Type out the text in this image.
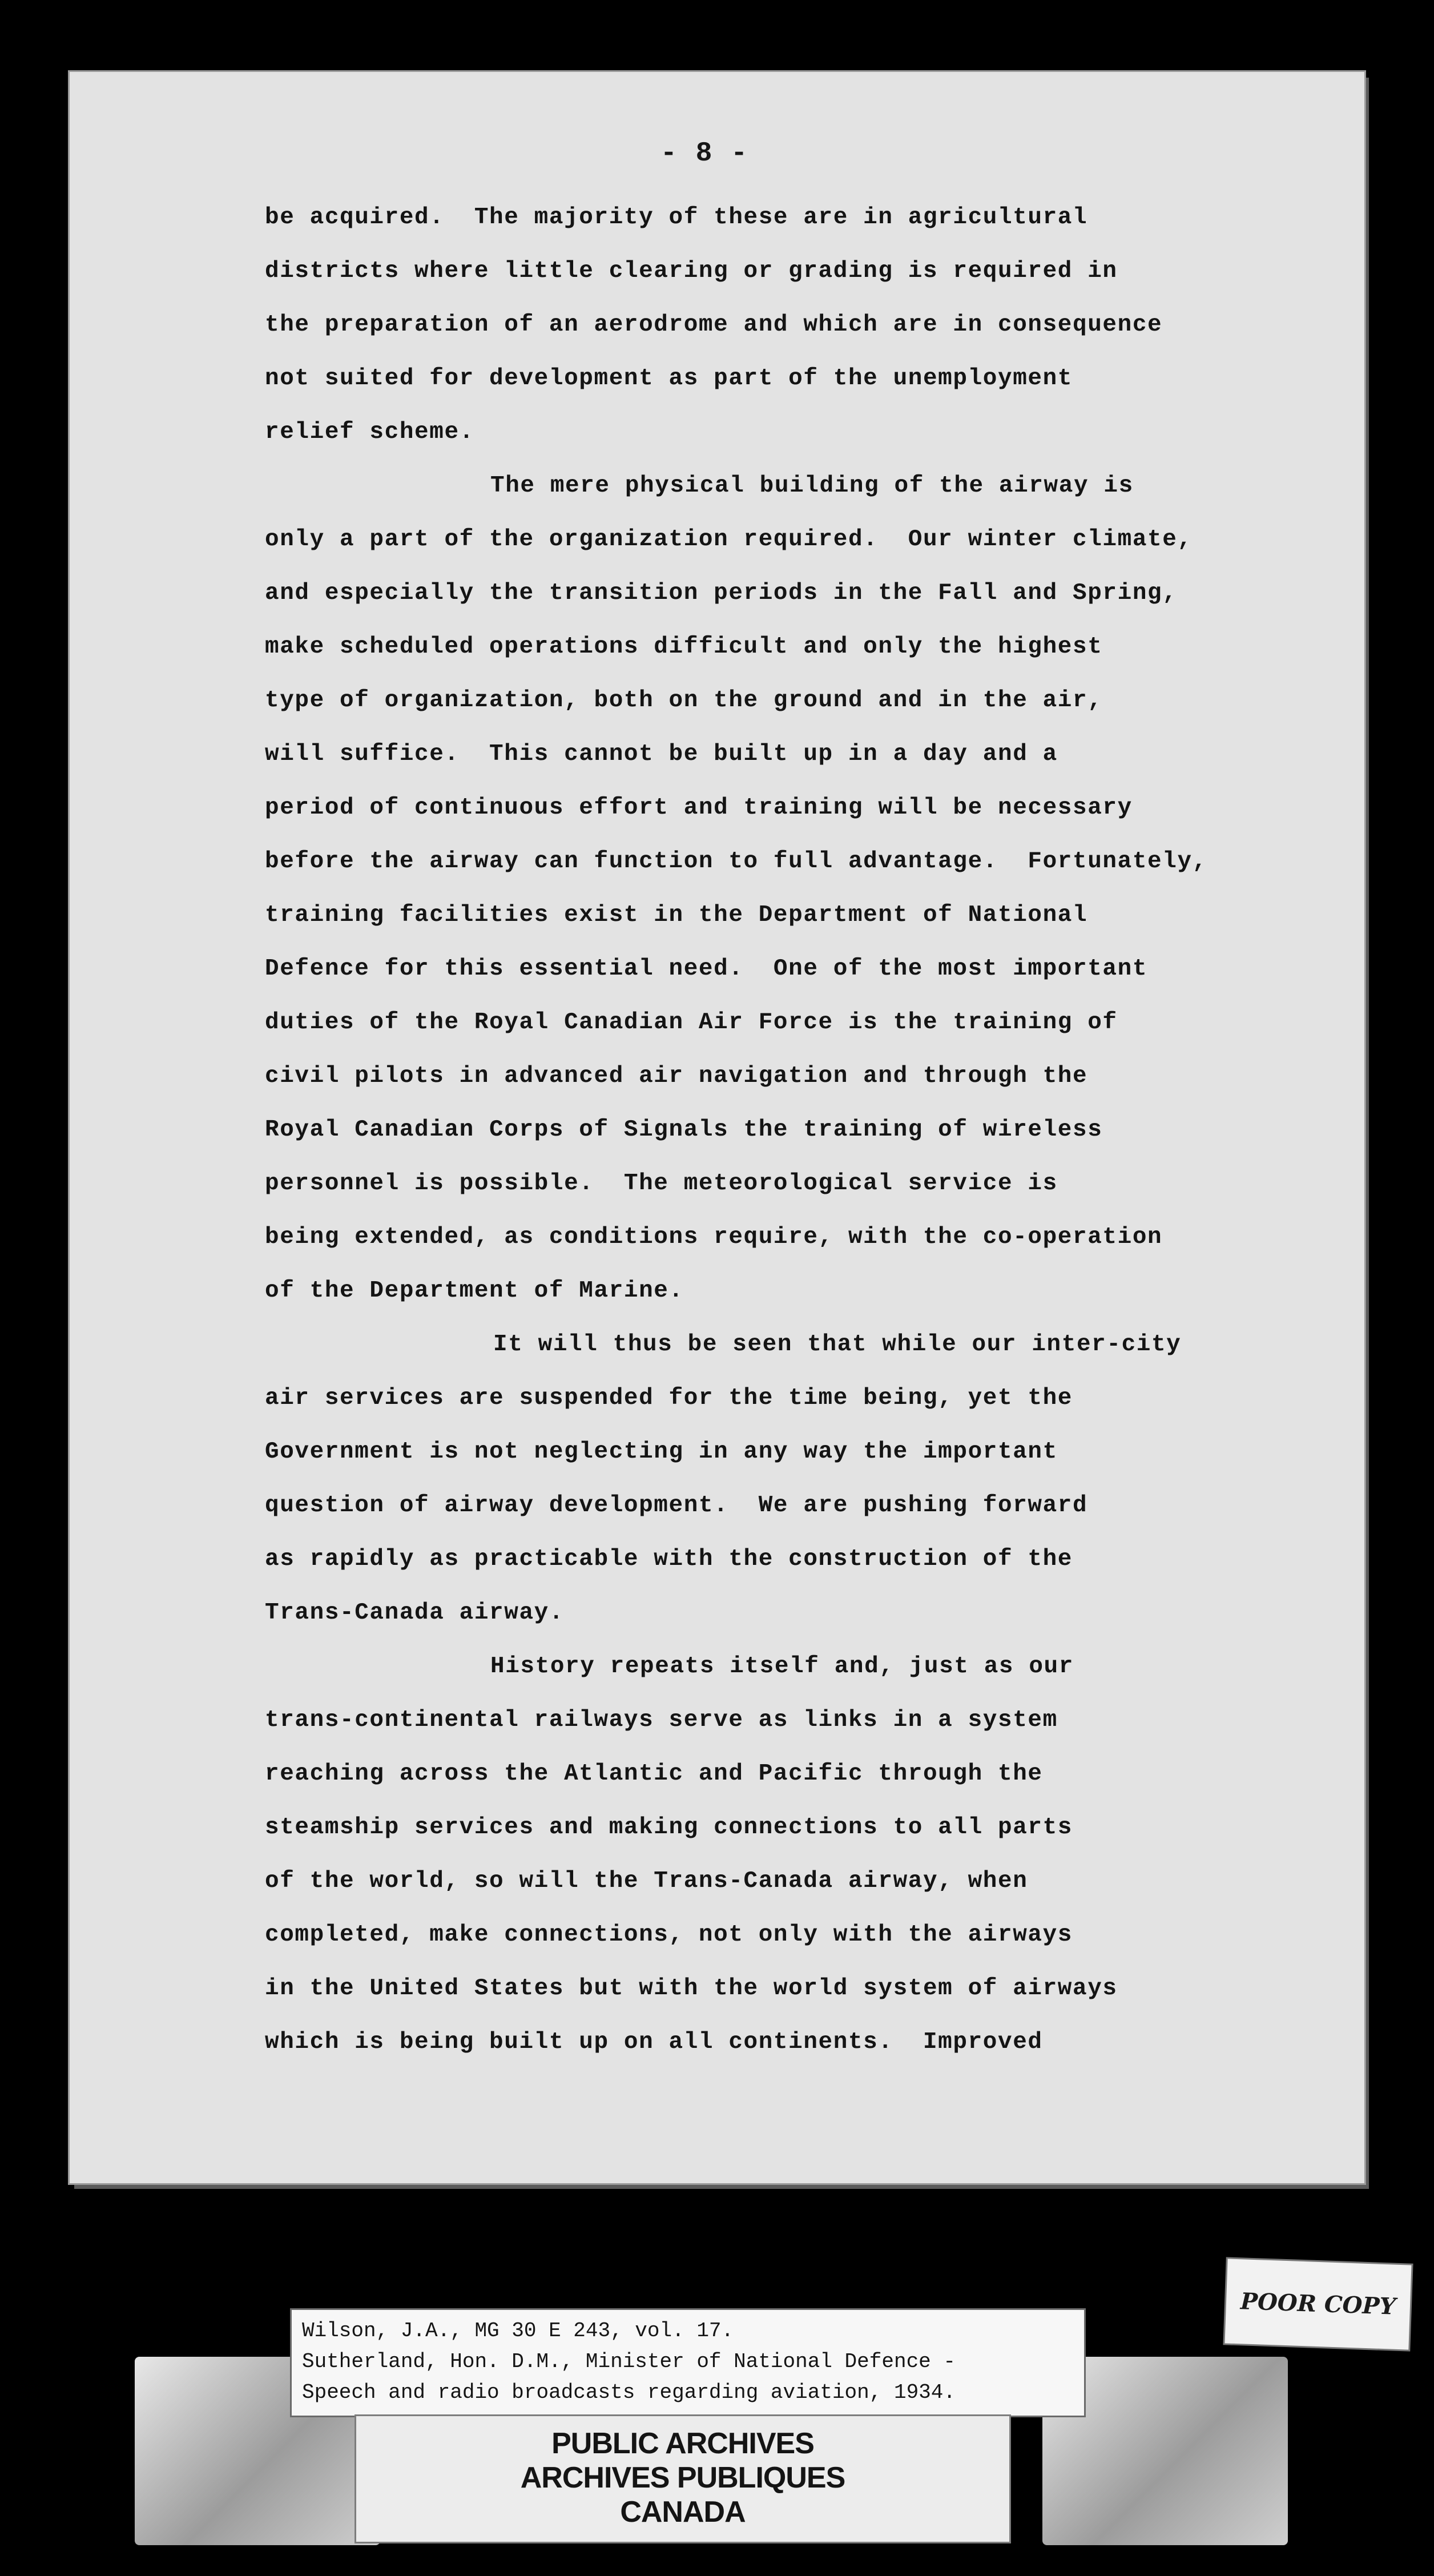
- 8 -
be acquired.  The majority of these are in agricultural
districts where little clearing or grading is required in
the preparation of an aerodrome and which are in consequence
not suited for development as part of the unemployment
relief scheme.
The mere physical building of the airway is
only a part of the organization required.  Our winter climate,
and especially the transition periods in the Fall and Spring,
make scheduled operations difficult and only the highest
type of organization, both on the ground and in the air,
will suffice.  This cannot be built up in a day and a
period of continuous effort and training will be necessary
before the airway can function to full advantage.  Fortunately,
training facilities exist in the Department of National
Defence for this essential need.  One of the most important
duties of the Royal Canadian Air Force is the training of
civil pilots in advanced air navigation and through the
Royal Canadian Corps of Signals the training of wireless
personnel is possible.  The meteorological service is
being extended, as conditions require, with the co-operation
of the Department of Marine.
It will thus be seen that while our inter-city
air services are suspended for the time being, yet the
Government is not neglecting in any way the important
question of airway development.  We are pushing forward
as rapidly as practicable with the construction of the
Trans-Canada airway.
History repeats itself and, just as our
trans-continental railways serve as links in a system
reaching across the Atlantic and Pacific through the
steamship services and making connections to all parts
of the world, so will the Trans-Canada airway, when
completed, make connections, not only with the airways
in the United States but with the world system of airways
which is being built up on all continents.  Improved
Wilson, J.A., MG 30 E 243, vol. 17.
Sutherland, Hon. D.M., Minister of National Defence -
Speech and radio broadcasts regarding aviation, 1934.
PUBLIC ARCHIVES
ARCHIVES PUBLIQUES
CANADA
POOR COPY
